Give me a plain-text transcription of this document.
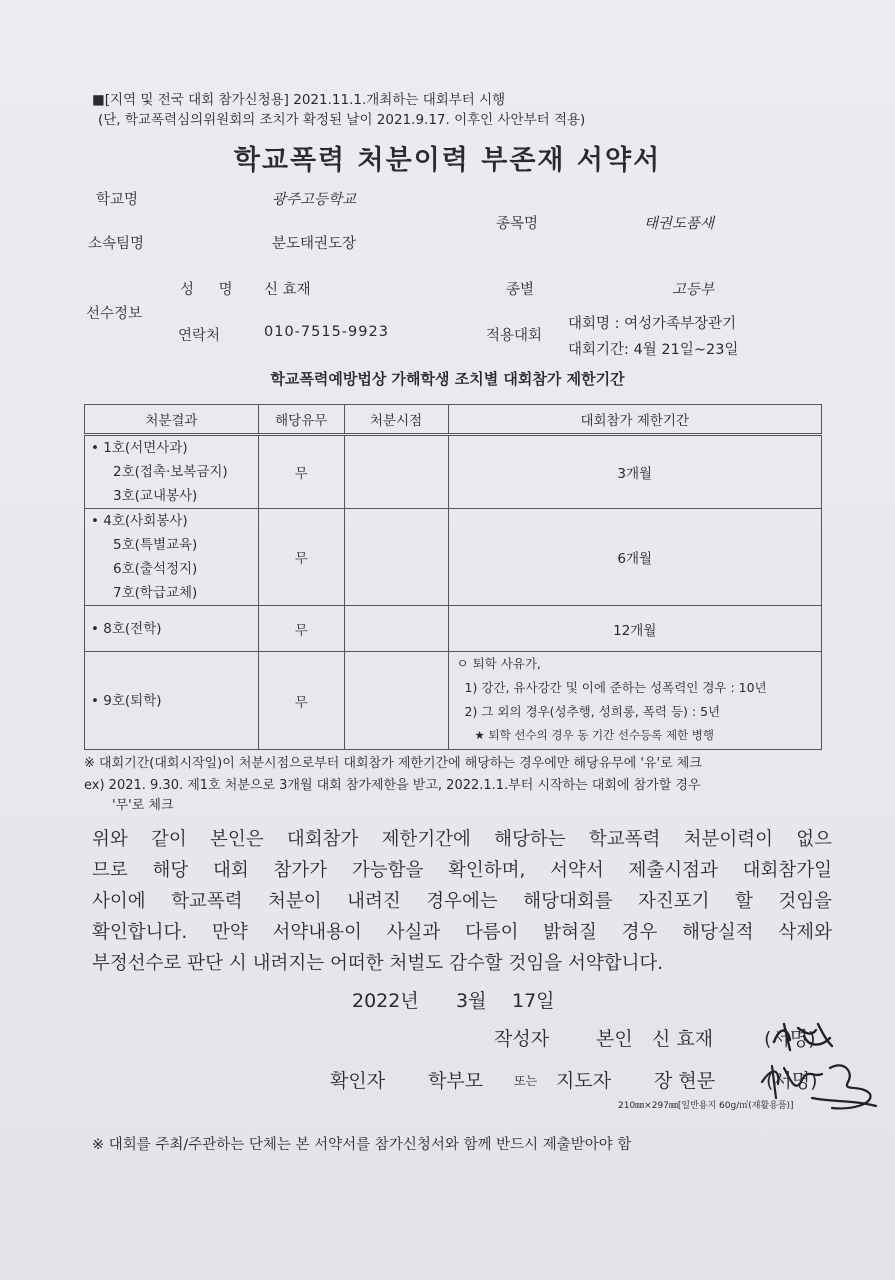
■[지역 및 전국 대회 참가신청용] 2021.11.1.개최하는 대회부터 시행
(단, 학교폭력심의위원회의 조치가 확정된 날이 2021.9.17. 이후인 사안부터 적용)
학교폭력 처분이력 부존재 서약서
학교명	광주고등학교
소속팀명	분도태권도장
종목명	태권도품새
선수정보
성 명 신 효재
연락처	010-7515-9923
종별	고등부
적용대회
대회명 : 여성가족부장관기
대회기간: 4월 21일~23일
학교폭력예방법상 가해학생 조치별 대회참가 제한기간
처분결과	해당유무	처분시점	대회참가 제한기간

• 1호(서면사과)
2호(접촉·보복금지)
3호(교내봉사)	무		3개월

• 4호(사회봉사)
5호(특별교육)
6호(출석정지)
7호(학급교체)	무		6개월

• 8호(전학)	무		12개월

• 9호(퇴학)	무		ㅇ 퇴학 사유가,
1) 강간, 유사강간 및 이에 준하는 성폭력인 경우 : 10년
2) 그 외의 경우(성추행, 성희롱, 폭력 등) : 5년
★ 퇴학 선수의 경우 동 기간 선수등록 제한 병행
※ 대회기간(대회시작일)이 처분시점으로부터 대회참가 제한기간에 해당하는 경우에만 해당유무에 '유'로 체크
ex) 2021. 9.30. 제1호 처분으로 3개월 대회 참가제한을 받고, 2022.1.1.부터 시작하는 대회에 참가할 경우
'무'로 체크
위와 같이 본인은 대회참가 제한기간에 해당하는 학교폭력 처분이력이 없으
므로 해당 대회 참가가 가능함을 확인하며, 서약서 제출시점과 대회참가일
사이에 학교폭력 처분이 내려진 경우에는 해당대회를 자진포기 할 것임을
확인합니다. 만약 서약내용이 사실과 다름이 밝혀질 경우 해당실적 삭제와
부정선수로 판단 시 내려지는 어떠한 처벌도 감수할 것임을 서약합니다.
2022년 3월 17일
작성자 본인 신 효재	(서명)
확인자 학부모	또는 지도자 장 현문	(서명)
210㎜×297㎜[일반용지 60g/㎡(재활용품)]
※ 대회를 주최/주관하는 단체는 본 서약서를 참가신청서와 함께 반드시 제출받아야 함
